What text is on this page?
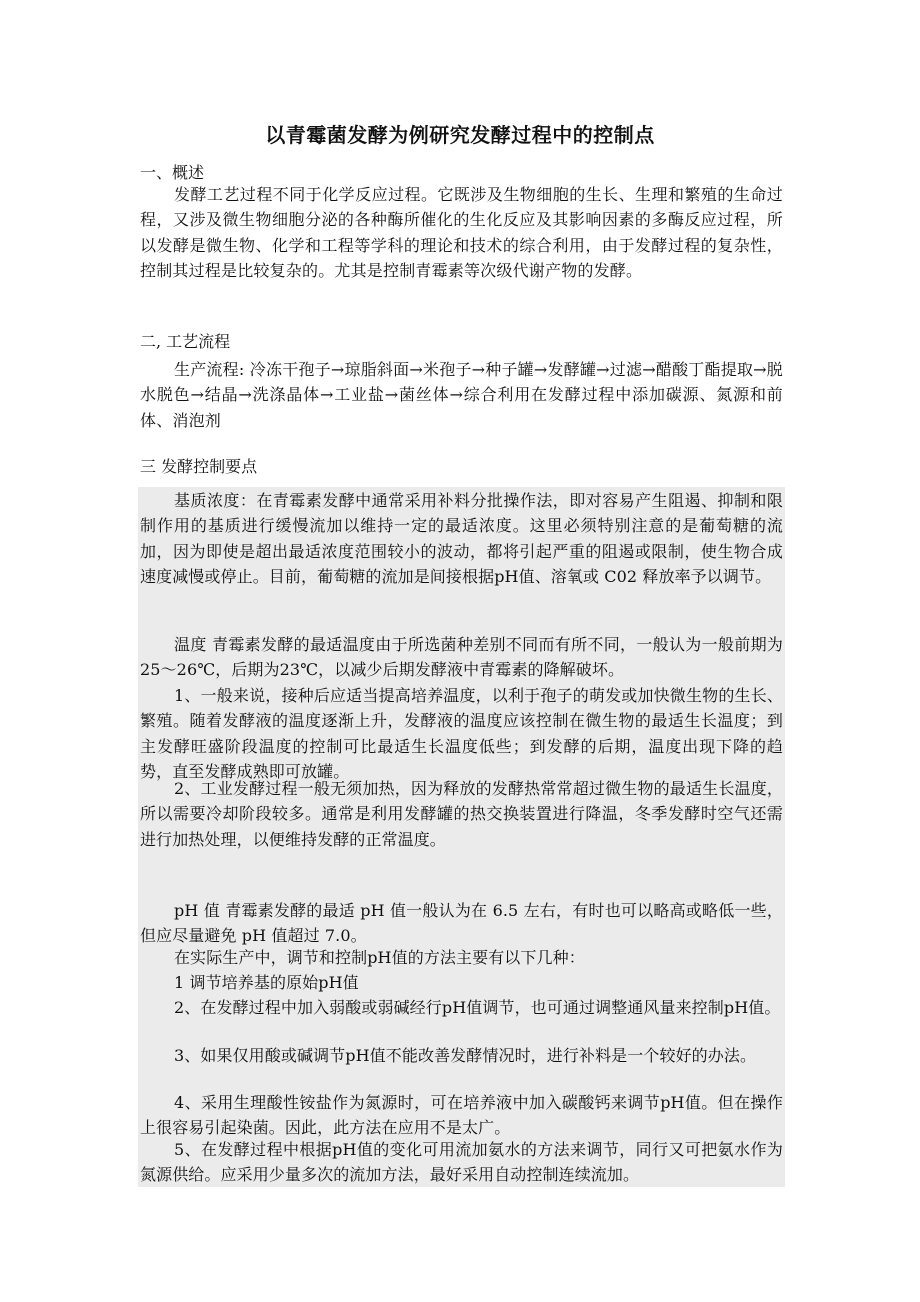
以青霉菌发酵为例研究发酵过程中的控制点
一、概述

发酵工艺过程不同于化学反应过程。它既涉及生物细胞的生长、生理和繁殖的生命过程，又涉及微生物细胞分泌的各种酶所催化的生化反应及其影响因素的多酶反应过程，所以发酵是微生物、化学和工程等学科的理论和技术的综合利用，由于发酵过程的复杂性，控制其过程是比较复杂的。尤其是控制青霉素等次级代谢产物的发酵。

二, 工艺流程

生产流程: 冷冻干孢子→琼脂斜面→米孢子→种子罐→发酵罐→过滤→醋酸丁酯提取→脱水脱色→结晶→洗涤晶体→工业盐→菌丝体→综合利用在发酵过程中添加碳源、氮源和前体、消泡剂

三 发酵控制要点

基质浓度：在青霉素发酵中通常采用补料分批操作法，即对容易产生阻遏、抑制和限制作用的基质进行缓慢流加以维持一定的最适浓度。这里必须特别注意的是葡萄糖的流加，因为即使是超出最适浓度范围较小的波动，都将引起严重的阻遏或限制，使生物合成速度减慢或停止。目前，葡萄糖的流加是间接根据pH值、溶氧或 C02 释放率予以调节。

温度 青霉素发酵的最适温度由于所选菌种差别不同而有所不同，一般认为一般前期为25～26℃，后期为23℃，以减少后期发酵液中青霉素的降解破坏。

1、一般来说，接种后应适当提高培养温度，以利于孢子的萌发或加快微生物的生长、繁殖。随着发酵液的温度逐渐上升，发酵液的温度应该控制在微生物的最适生长温度；到主发酵旺盛阶段温度的控制可比最适生长温度低些；到发酵的后期，温度出现下降的趋势，直至发酵成熟即可放罐。

2、工业发酵过程一般无须加热，因为释放的发酵热常常超过微生物的最适生长温度，所以需要冷却阶段较多。通常是利用发酵罐的热交换装置进行降温，冬季发酵时空气还需进行加热处理，以便维持发酵的正常温度。

pH 值 青霉素发酵的最适 pH 值一般认为在 6.5 左右，有时也可以略高或略低一些，但应尽量避免 pH 值超过 7.0。

在实际生产中，调节和控制pH值的方法主要有以下几种：

1 调节培养基的原始pH值

2、在发酵过程中加入弱酸或弱碱经行pH值调节，也可通过调整通风量来控制pH值。

3、如果仅用酸或碱调节pH值不能改善发酵情况时，进行补料是一个较好的办法。

4、采用生理酸性铵盐作为氮源时，可在培养液中加入碳酸钙来调节pH值。但在操作上很容易引起染菌。因此，此方法在应用不是太广。

5、在发酵过程中根据pH值的变化可用流加氨水的方法来调节，同行又可把氨水作为氮源供给。应采用少量多次的流加方法，最好采用自动控制连续流加。
